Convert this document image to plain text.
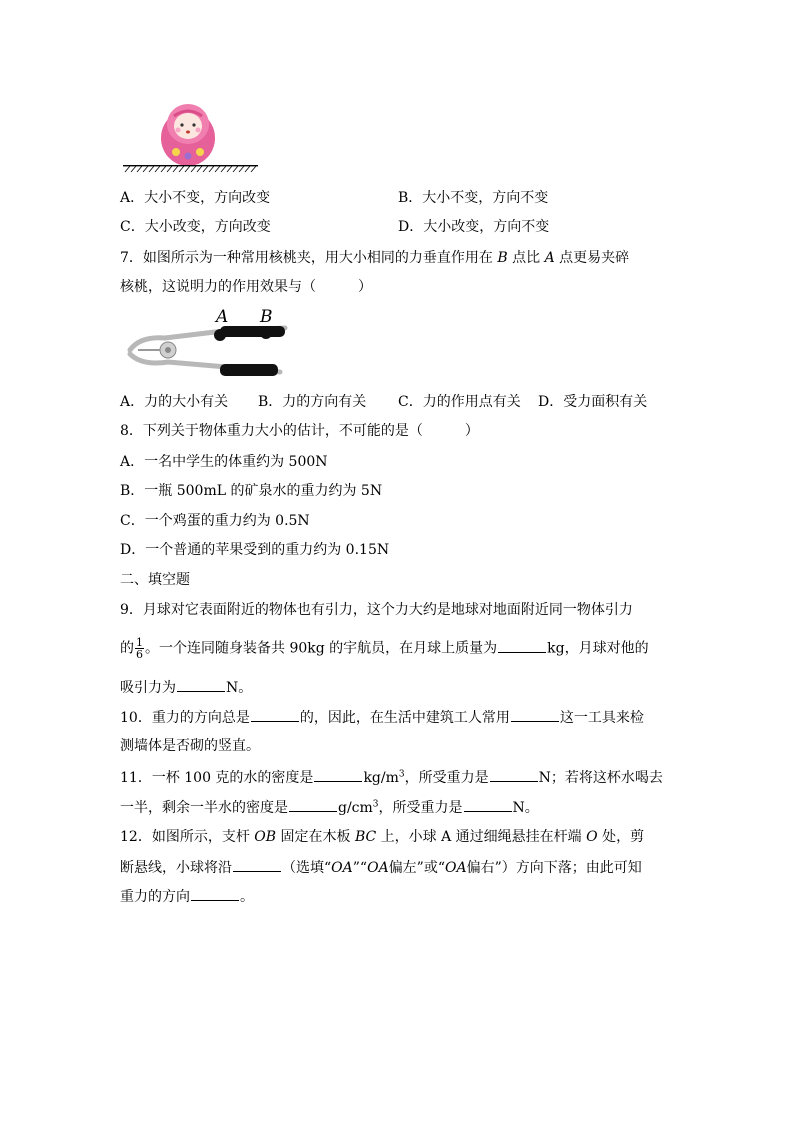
A．大小不变，方向改变	B．大小不变，方向不变
C．大小改变，方向改变	D．大小改变，方向不变
7．如图所示为一种常用核桃夹，用大小相同的力垂直作用在 B 点比 A 点更易夹碎
核桃，这说明力的作用效果与（　　　）
A B
A．力的大小有关 B．力的方向有关 C．力的作用点有关 D．受力面积有关
8．下列关于物体重力大小的估计，不可能的是（　　　）
A．一名中学生的体重约为 500N
B．一瓶 500mL 的矿泉水的重力约为 5N
C．一个鸡蛋的重力约为 0.5N
D．一个普通的苹果受到的重力约为 0.15N
二、填空题
9．月球对它表面附近的物体也有引力，这个力大约是地球对地面附近同一物体引力
的 $\frac{1}{6}$ 。一个连同随身装备共 90kg 的宇航员，在月球上质量为	kg，月球对他的
吸引力为	N。
10．重力的方向总是	的，因此，在生活中建筑工人常用	这一工具来检
测墙体是否砌的竖直。
11．一杯 100 克的水的密度是	$kg/m^3$，所受重力是	N；若将这杯水喝去
一半，剩余一半水的密度是	$g/cm^3$，所受重力是	N。
12．如图所示，支杆 OB 固定在木板 BC 上，小球 A 通过细绳悬挂在杆端 O 处，剪
断悬线，小球将沿	（选填“OA”“OA偏左”或“OA偏右”）方向下落；由此可知
重力的方向	。
